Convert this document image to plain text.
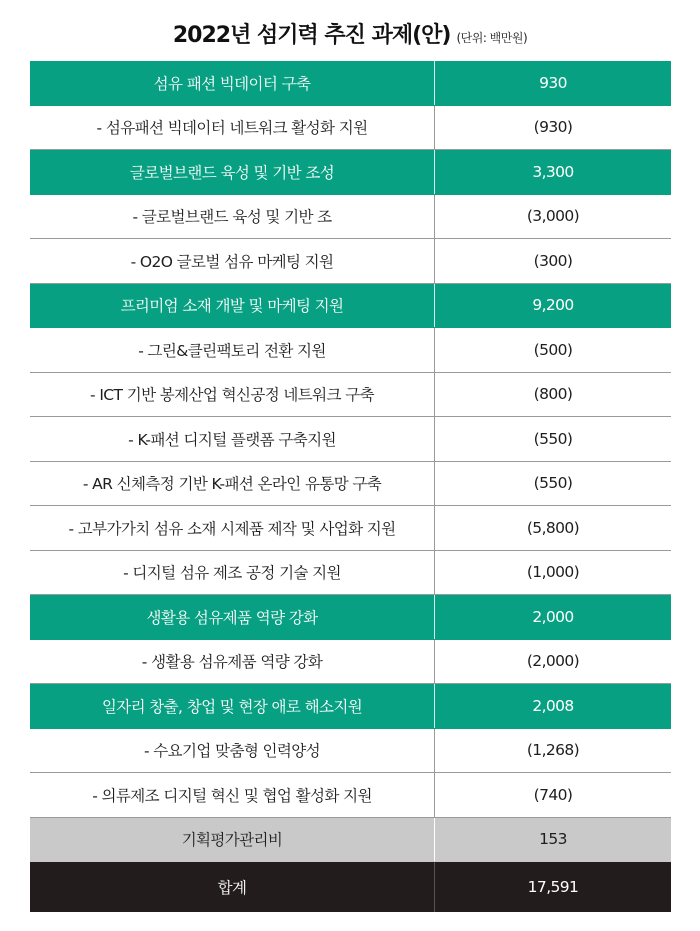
2022년 섬기력 추진 과제(안) (단위: 백만원)
섬유 패션 빅데이터 구축	930
- 섬유패션 빅데이터 네트워크 활성화 지원	(930)
글로벌브랜드 육성 및 기반 조성	3,300
- 글로벌브랜드 육성 및 기반 조	(3,000)
- O2O 글로벌 섬유 마케팅 지원	(300)
프리미엄 소재 개발 및 마케팅 지원	9,200
- 그린&클린팩토리 전환 지원	(500)
- ICT 기반 봉제산업 혁신공정 네트워크 구축	(800)
- K-패션 디지털 플랫폼 구축지원	(550)
- AR 신체측정 기반 K-패션 온라인 유통망 구축	(550)
- 고부가가치 섬유 소재 시제품 제작 및 사업화 지원	(5,800)
- 디지털 섬유 제조 공정 기술 지원	(1,000)
생활용 섬유제품 역량 강화	2,000
- 생활용 섬유제품 역량 강화	(2,000)
일자리 창출, 창업 및 현장 애로 해소지원	2,008
- 수요기업 맞춤형 인력양성	(1,268)
- 의류제조 디지털 혁신 및 협업 활성화 지원	(740)
기획평가관리비	153
합계	17,591
